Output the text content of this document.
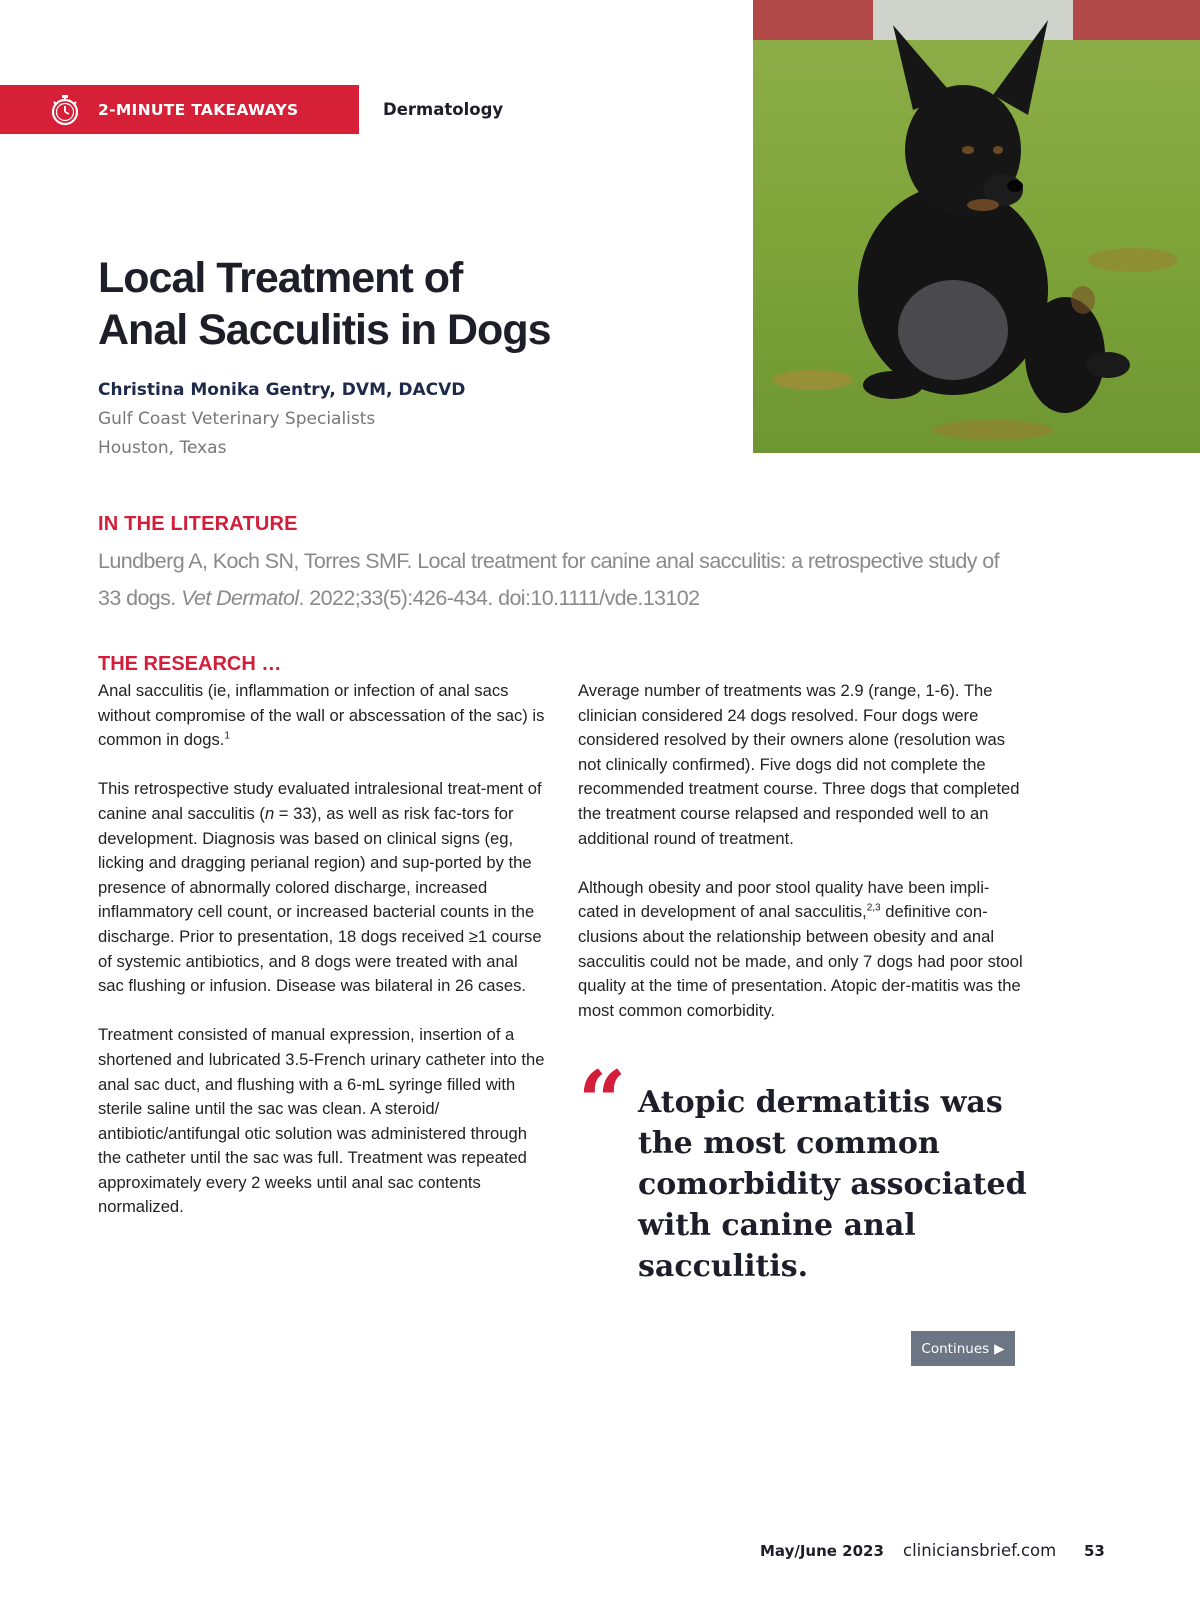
2-MINUTE TAKEAWAYS	Dermatology
Local Treatment of
Anal Sacculitis in Dogs
Christina Monika Gentry, DVM, DACVD
Gulf Coast Veterinary Specialists
Houston, Texas
IN THE LITERATURE
Lundberg A, Koch SN, Torres SMF. Local treatment for canine anal sacculitis: a retrospective study of 33 dogs. Vet Dermatol. 2022;33(5):426-434. doi:10.1111/vde.13102
THE RESEARCH …

Anal sacculitis (ie, inflammation or infection of anal sacs without compromise of the wall or abscessation of the sac) is common in dogs.$^1$

This retrospective study evaluated intralesional treat-ment of canine anal sacculitis (n = 33), as well as risk fac-tors for development. Diagnosis was based on clinical signs (eg, licking and dragging perianal region) and sup-ported by the presence of abnormally colored discharge, increased inflammatory cell count, or increased bacterial counts in the discharge. Prior to presentation, 18 dogs received ≥1 course of systemic antibiotics, and 8 dogs were treated with anal sac flushing or infusion. Disease was bilateral in 26 cases.

Treatment consisted of manual expression, insertion of a shortened and lubricated 3.5-French urinary catheter into the anal sac duct, and flushing with a 6-mL syringe filled with sterile saline until the sac was clean. A steroid/ antibiotic/antifungal otic solution was administered through the catheter until the sac was full. Treatment was repeated approximately every 2 weeks until anal sac contents normalized.

Average number of treatments was 2.9 (range, 1-6). The clinician considered 24 dogs resolved. Four dogs were considered resolved by their owners alone (resolution was not clinically confirmed). Five dogs did not complete the recommended treatment course. Three dogs that completed the treatment course relapsed and responded well to an additional round of treatment.

Although obesity and poor stool quality have been impli-cated in development of anal sacculitis,$^{2,3}$ definitive con-clusions about the relationship between obesity and anal sacculitis could not be made, and only 7 dogs had poor stool quality at the time of presentation. Atopic der-matitis was the most common comorbidity.

“ Atopic dermatitis was the most common comorbidity associated with canine anal sacculitis.
Continues ▶
May/June 2023 cliniciansbrief.com 53
